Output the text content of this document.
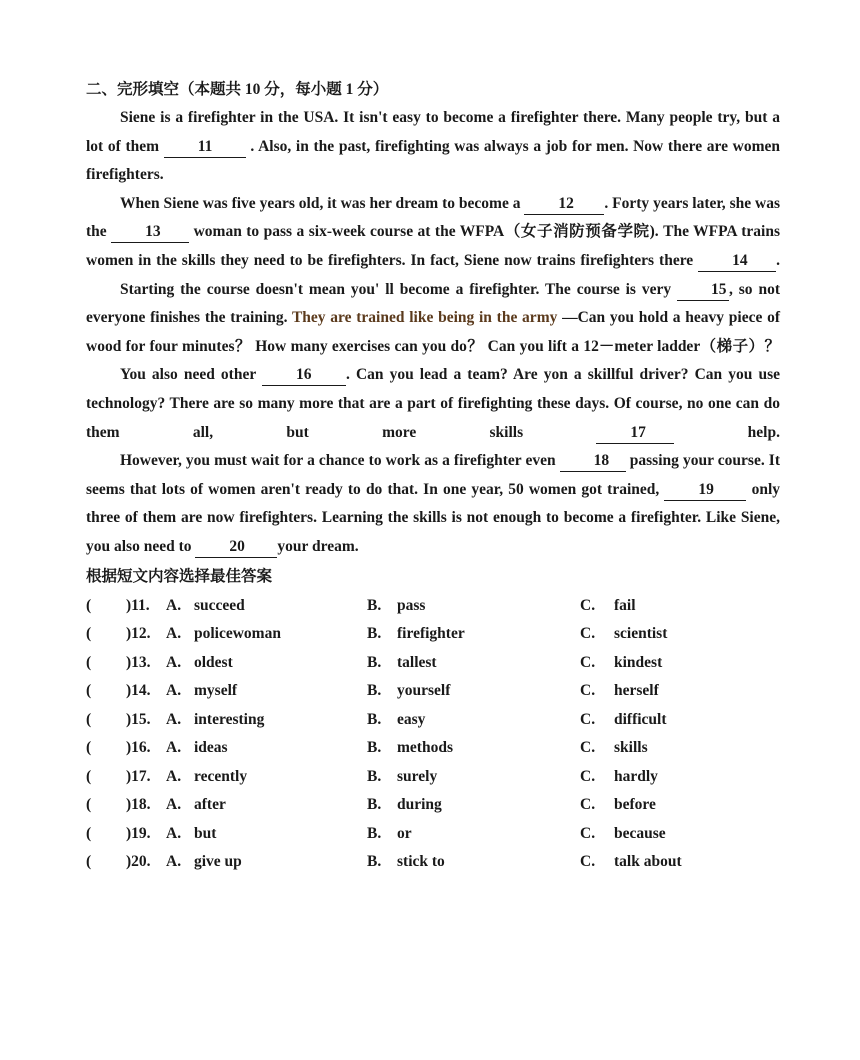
二、完形填空（本题共 10 分，每小题 1 分）

Siene is a firefighter in the USA. It isn't easy to become a firefighter there. Many people try, but a lot of them 11 . Also, in the past, firefighting was always a job for men. Now there are women firefighters.

When Siene was five years old, it was her dream to become a 12 . Forty years later, she was the 13 woman to pass a six-week course at the WFPA（女子消防预备学院). The WFPA trains women in the skills they need to be firefighters. In fact, Siene now trains firefighters there 14 .

Starting the course doesn't mean you' ll become a firefighter. The course is very 15 , so not everyone finishes the training. They are trained like being in the army —Can you hold a heavy piece of wood for four minutes？ How many exercises can you do？ Can you lift a 12－meter ladder（梯子）？

You also need other 16 . Can you lead a team? Are yon a skillful driver? Can you use technology? There are so many more that are a part of firefighting these days. Of course, no one can do them all, but more skills 17 help.

However, you must wait for a chance to work as a firefighter even 18 passing your course. It seems that lots of women aren't ready to do that. In one year, 50 women got trained, 19 only three of them are now firefighters. Learning the skills is not enough to become a firefighter. Like Siene, you also need to 20 your dream.

根据短文内容选择最佳答案
( )11. A. succeed	B. pass	C. fail
( )12. A. policewoman	B. firefighter	C. scientist
( )13. A. oldest	B. tallest	C. kindest
( )14. A. myself	B. yourself	C. herself
( )15. A. interesting	B. easy	C. difficult
( )16. A. ideas	B. methods	C. skills
( )17. A. recently	B. surely	C. hardly
( )18. A. after	B. during	C. before
( )19. A. but	B. or	C. because
( )20. A. give up	B. stick to	C. talk about
